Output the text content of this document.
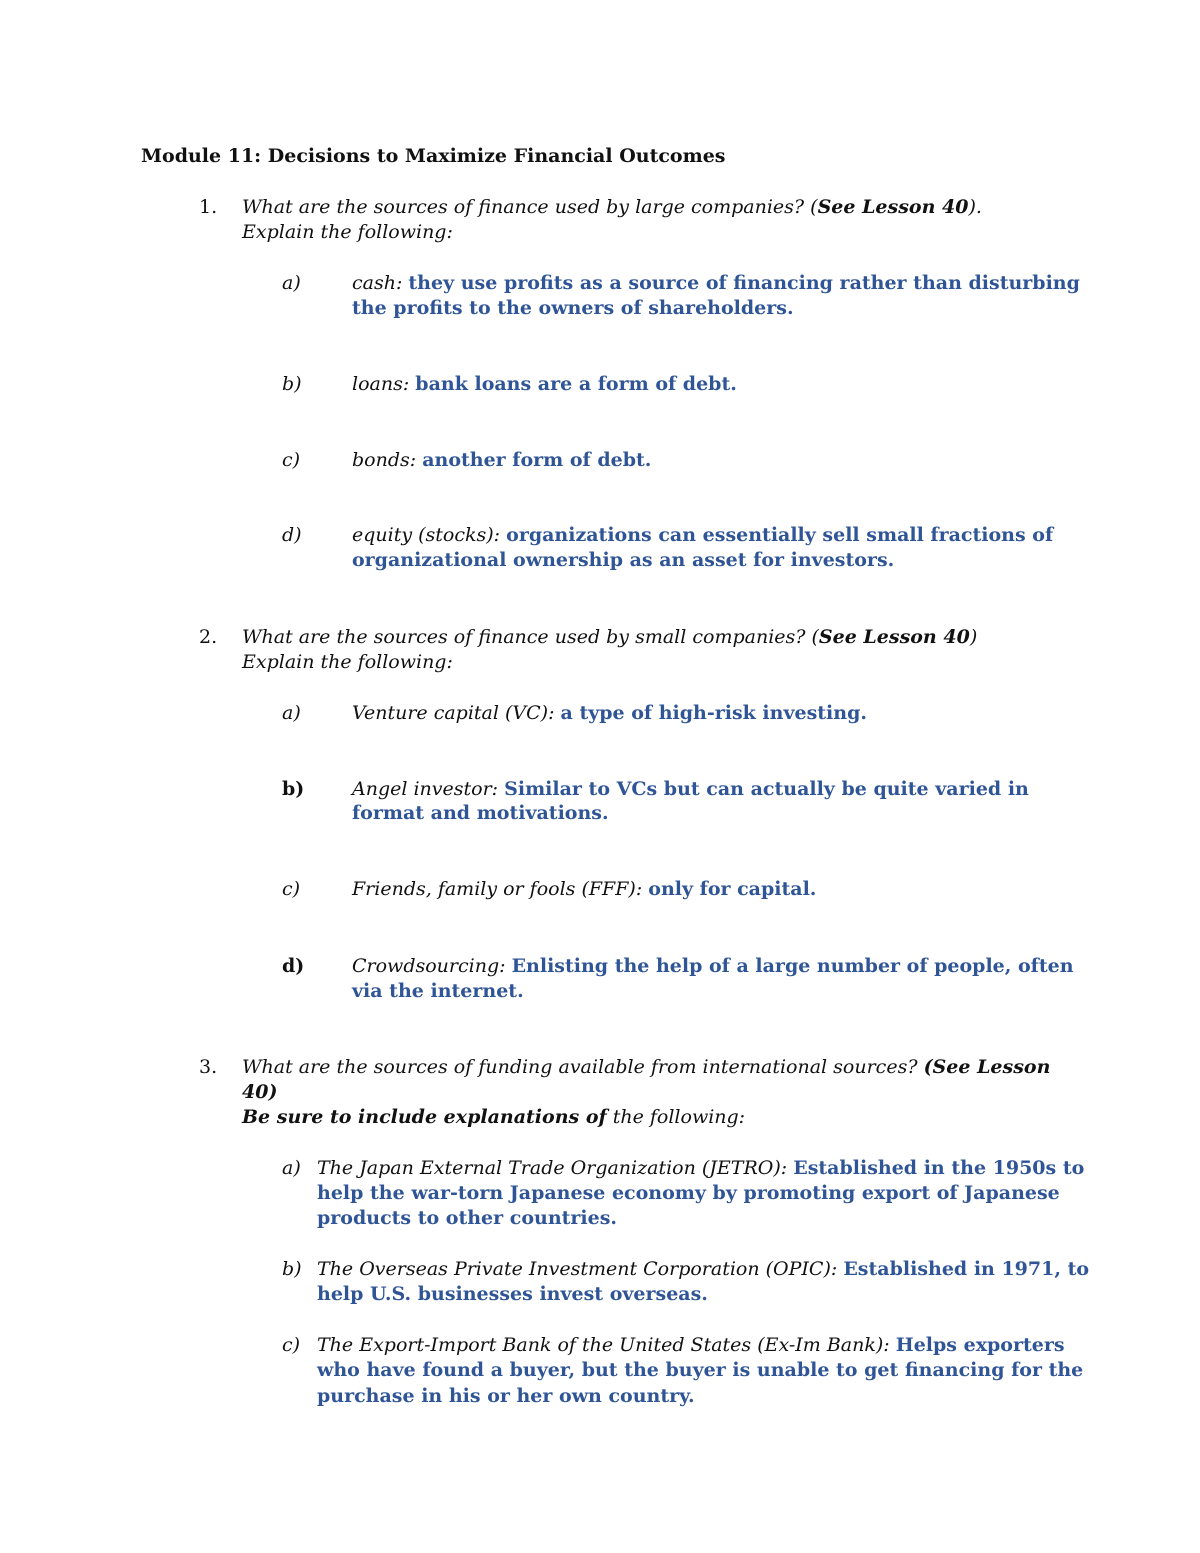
Module 11: Decisions to Maximize Financial Outcomes
1. What are the sources of finance used by large companies? (See Lesson 40).
Explain the following:
a)	cash: they use profits as a source of financing rather than disturbing
the profits to the owners of shareholders.
b)	loans: bank loans are a form of debt.
c)	bonds: another form of debt.
d)	equity (stocks): organizations can essentially sell small fractions of
organizational ownership as an asset for investors.
2. What are the sources of finance used by small companies? (See Lesson 40)
Explain the following:
a)	Venture capital (VC): a type of high-risk investing.
b)	Angel investor: Similar to VCs but can actually be quite varied in
format and motivations.
c)	Friends, family or fools (FFF): only for capital.
d)	Crowdsourcing: Enlisting the help of a large number of people, often
via the internet.
3. What are the sources of funding available from international sources? (See Lesson
40)
Be sure to include explanations of the following:
a) The Japan External Trade Organization (JETRO): Established in the 1950s to
help the war-torn Japanese economy by promoting export of Japanese
products to other countries.
b) The Overseas Private Investment Corporation (OPIC): Established in 1971, to
help U.S. businesses invest overseas.
c) The Export-Import Bank of the United States (Ex-Im Bank): Helps exporters
who have found a buyer, but the buyer is unable to get financing for the
purchase in his or her own country.
